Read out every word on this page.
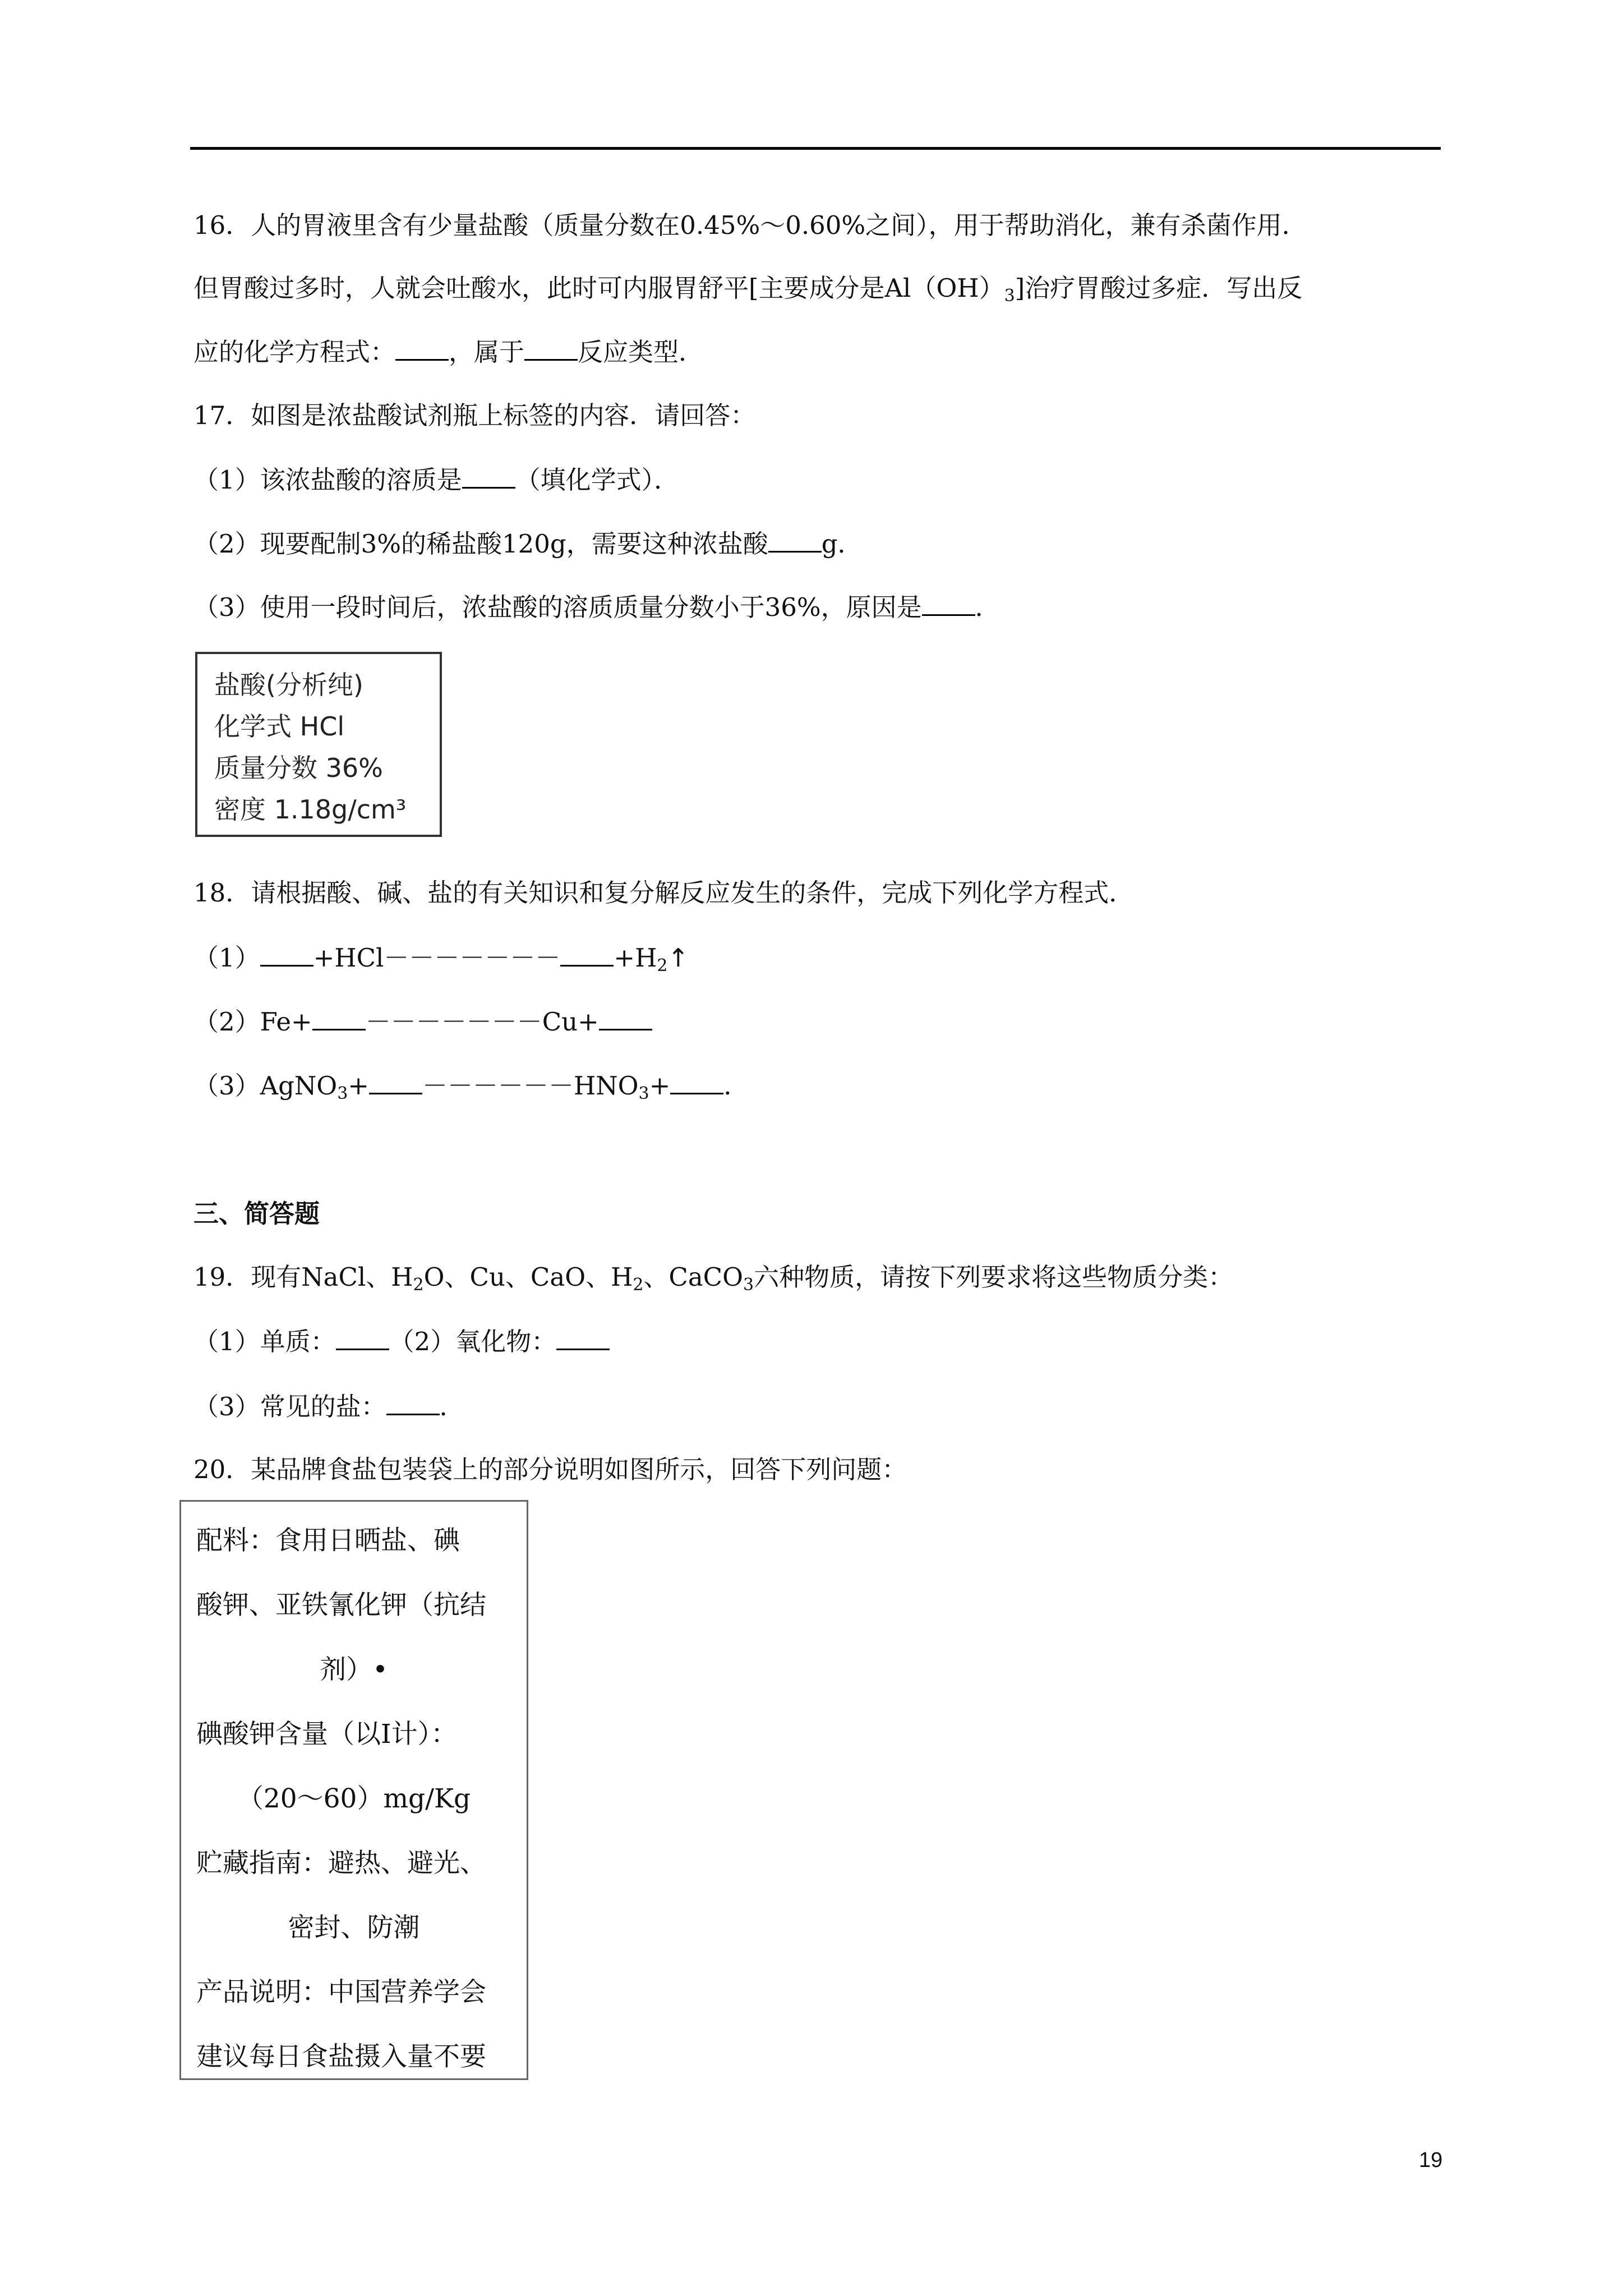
16．人的胃液里含有少量盐酸（质量分数在0.45%～0.60%之间），用于帮助消化，兼有杀菌作用．
但胃酸过多时，人就会吐酸水，此时可内服胃舒平[主要成分是$Al(OH)_3$]治疗胃酸过多症．写出反
应的化学方程式： ，属于 反应类型．
17．如图是浓盐酸试剂瓶上标签的内容．请回答：
（1）该浓盐酸的溶质是 （填化学式）．
（2）现要配制3%的稀盐酸120g，需要这种浓盐酸 g．
（3）使用一段时间后，浓盐酸的溶质质量分数小于36%，原因是 ．
盐酸(分析纯)
化学式 HCl
质量分数 36%
密度 1.18g/cm³
18．请根据酸、碱、盐的有关知识和复分解反应发生的条件，完成下列化学方程式．
$(1) +HCl------- +H_2↑$
（2）Fe+ －－－－－－－Cu+
（3）AgNO$_3$+ $------HNO_3+$ ．
三、简答题
19．现有NaCl、$H_2O$、Cu、CaO、$H_2$、CaCO$_3$六种物质，请按下列要求将这些物质分类：
（1）单质： （2）氧化物：
（3）常见的盐： ．
20．某品牌食盐包装袋上的部分说明如图所示，回答下列问题：
配料：食用日晒盐、碘
酸钾、亚铁氰化钾（抗结
剂）•
碘酸钾含量（以Ⅰ计）：
（20～60）mg/Kg
贮藏指南：避热、避光、
密封、防潮
产品说明：中国营养学会
建议每日食盐摄入量不要
19
